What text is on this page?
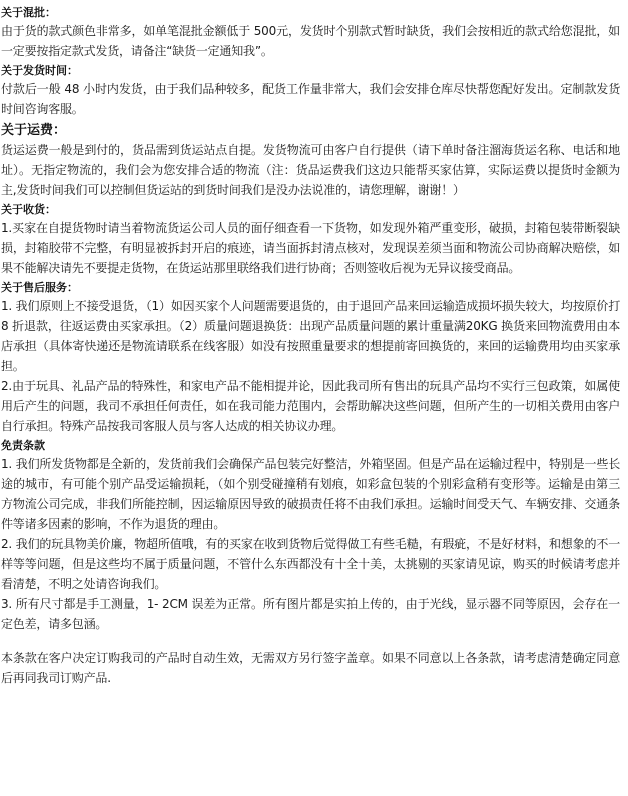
关于混批：

由于货的款式颜色非常多，如单笔混批金额低于 500元，发货时个别款式暂时缺货，我们会按相近的款式给您混批，如一定要按指定款式发货，请备注“缺货一定通知我”。

关于发货时间：

付款后一般 48 小时内发货，由于我们品种较多，配货工作量非常大，我们会安排仓库尽快帮您配好发出。定制款发货时间咨询客服。

关于运费：

货运运费一般是到付的，货品需到货运站点自提。发货物流可由客户自行提供（请下单时备注溜海货运名称、电话和地址）。无指定物流的，我们会为您安排合适的物流（注：货品运费我们这边只能帮买家估算，实际运费以提货时金额为主,发货时间我们可以控制但货运站的到货时间我们是没办法说准的，请您理解，谢谢！）

关于收货：

1.买家在自提货物时请当着物流货运公司人员的面仔细查看一下货物，如发现外箱严重变形，破损，封箱包装带断裂缺损，封箱胶带不完整，有明显被拆封开启的痕迹，请当面拆封清点核对，发现误差须当面和物流公司协商解决赔偿，如果不能解决请先不要提走货物，在货运站那里联络我们进行协商；否则签收后视为无异议接受商品。

关于售后服务：

1. 我们原则上不接受退货，（1）如因买家个人问题需要退货的，由于退回产品来回运输造成损坏损失较大，均按原价打 8 折退款，往返运费由买家承担。（2）质量问题退换货：出现产品质量问题的累计重量满20KG 换货来回物流费用由本店承担（具体寄快递还是物流请联系在线客服）如没有按照重量要求的想提前寄回换货的，来回的运输费用均由买家承担。

2.由于玩具、礼品产品的特殊性，和家电产品不能相提并论，因此我司所有售出的玩具产品均不实行三包政策，如属使用后产生的问题，我司不承担任何责任，如在我司能力范围内，会帮助解决这些问题，但所产生的一切相关费用由客户自行承担。特殊产品按我司客服人员与客人达成的相关协议办理。

免责条款

1. 我们所发货物都是全新的，发货前我们会确保产品包装完好整洁，外箱坚固。但是产品在运输过程中，特别是一些长途的城市，有可能个别产品受运输损耗，（如个别受碰撞稍有划痕，如彩盒包装的个别彩盒稍有变形等。运输是由第三方物流公司完成，非我们所能控制，因运输原因导致的破损责任将不由我们承担。运输时间受天气、车辆安排、交通条件等诸多因素的影响，不作为退货的理由。

2. 我们的玩具物美价廉，物超所值哦，有的买家在收到货物后觉得做工有些毛糙，有瑕疵，不是好材料，和想象的不一样等等问题，但是这些均不属于质量问题，不管什么东西都没有十全十美，太挑剔的买家请见谅，购买的时候请考虑并看清楚，不明之处请咨询我们。

3. 所有尺寸都是手工测量，1- 2CM 误差为正常。所有图片都是实拍上传的，由于光线，显示器不同等原因，会存在一定色差，请多包涵。

本条款在客户决定订购我司的产品时自动生效，无需双方另行签字盖章。如果不同意以上各条款，请考虑清楚确定同意后再同我司订购产品.
